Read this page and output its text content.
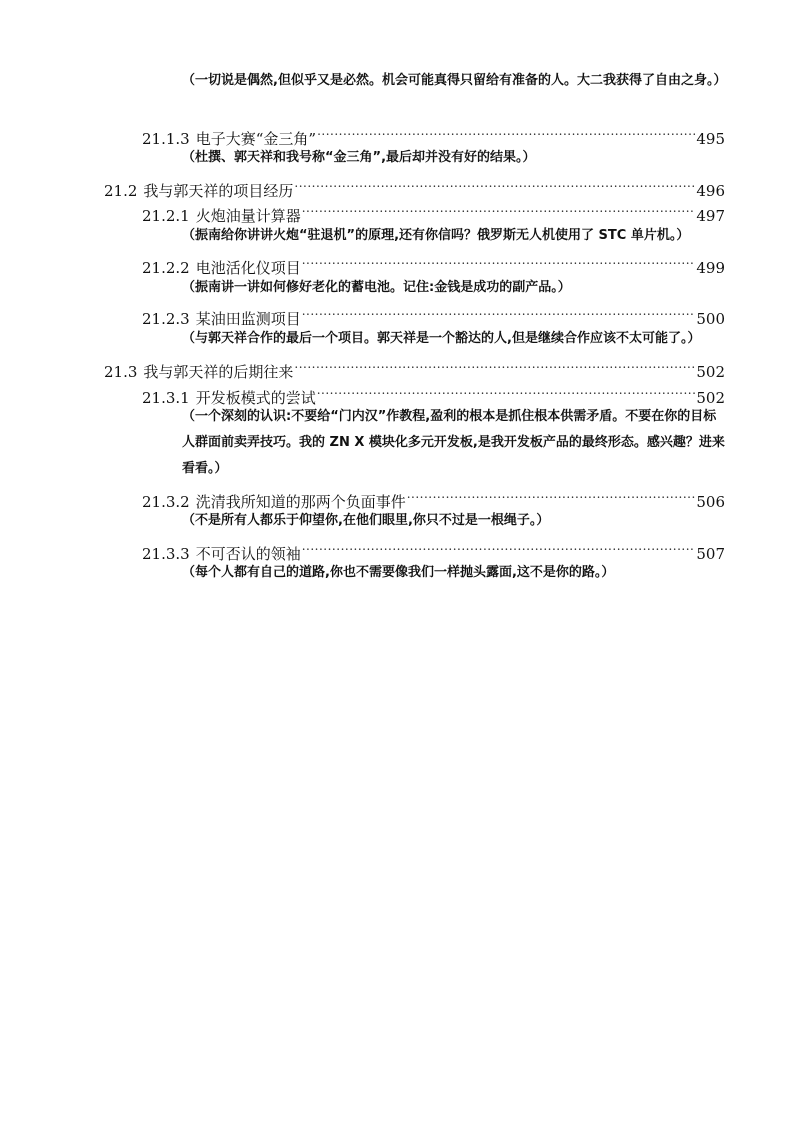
（一切说是偶然,但似乎又是必然。机会可能真得只留给有准备的人。大二我获得了自由之身。）
21.1.3 电子大赛“金三角” .....	495
（杜撰、郭天祥和我号称“金三角”,最后却并没有好的结果。）
21.2 我与郭天祥的项目经历 .....	496
21.2.1 火炮油量计算器 .....	497
（振南给你讲讲火炮“驻退机”的原理,还有你信吗？俄罗斯无人机使用了 STC 单片机。）
21.2.2 电池活化仪项目 .....	499
（振南讲一讲如何修好老化的蓄电池。记住:金钱是成功的副产品。）
21.2.3 某油田监测项目 .....	500
（与郭天祥合作的最后一个项目。郭天祥是一个豁达的人,但是继续合作应该不太可能了。）
21.3 我与郭天祥的后期往来 .....	502
21.3.1 开发板模式的尝试 .....	502
（一个深刻的认识:不要给“门内汉”作教程,盈利的根本是抓住根本供需矛盾。不要在你的目标人群面前卖弄技巧。我的 ZN X 模块化多元开发板,是我开发板产品的最终形态。感兴趣？进来看看。）
21.3.2 洗清我所知道的那两个负面事件 .....	506
（不是所有人都乐于仰望你,在他们眼里,你只不过是一根绳子。）
21.3.3 不可否认的领袖 .....	507
（每个人都有自己的道路,你也不需要像我们一样抛头露面,这不是你的路。）
